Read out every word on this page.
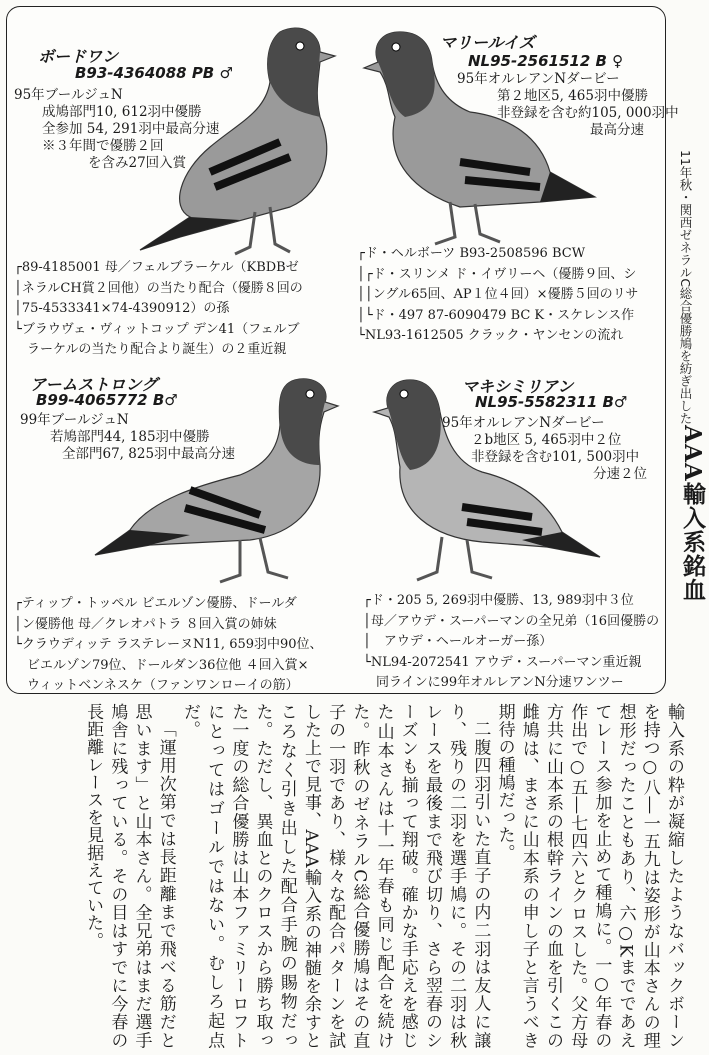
ボードワン
B93-4364088 PB ♂
95年ブールジュN
成鳩部門10, 612羽中優勝
全参加 54, 291羽中最高分速
※３年間で優勝２回
を含み27回入賞
┌89-4185001 母／フェルブラーケル（KBDBゼ
│ネラルCH賞２回他）の当たり配合（優勝８回の
│75-4533341×74-4390912）の孫
└ブラウヴェ・ヴィットコップ デン41（フェルブ
　ラーケルの当たり配合より誕生）の２重近親
マリールイズ
NL95-2561512 B ♀
95年オルレアンNダービー
第２地区5, 465羽中優勝
非登録を含む約105, 000羽中
最高分速
┌ド・ヘルボーツ B93-2508596 BCW
│┌ド・スリンメ ド・イヴリーヘ（優勝９回、シ
││ングル65回、AP１位４回）×優勝５回のリサ
│└ド・497 87-6090479 BC K・スケレンス作
└NL93-1612505 クラック・ヤンセンの流れ
アームストロング
B99-4065772 B♂
99年ブールジュN
若鳩部門44, 185羽中優勝
全部門67, 825羽中最高分速
┌ティップ・トッペル ビエルゾン優勝、ドールダ
│ン優勝他 母／クレオパトラ ８回入賞の姉妹
└クラウディッテ ラステレーヌN11, 659羽中90位、
　ビエルゾン79位、ドールダン36位他 ４回入賞×
　ウィットベンネスケ（ファンワンローイの筋）
マキシミリアン
NL95-5582311 B♂
95年オルレアンNダービー
２b地区 5, 465羽中２位
非登録を含む101, 500羽中
分速２位
┌ド・205 5, 269羽中優勝、13, 989羽中３位
│母／アウデ・スーパーマンの全兄弟（16回優勝の
│　アウデ・ヘールオーガー孫）
└NL94-2072541 アウデ・スーパーマン重近親
　同ラインに99年オルレアンN分速ワンツー
11年秋・関西ゼネラルC総合優勝鳩を紡ぎ出した
AAA輸入系銘血

輸入系の粋が凝縮したようなバックボーンを持つ○八―一五九は姿形が山本さんの理想形だったこともあり、六○Kまでであえてレース参加を止めて種鳩に。一○年春の作出で○五―七四六とクロスした。父方母方共に山本系の根幹ラインの血を引くこの雌鳩は、まさに山本系の申し子と言うべき期待の種鳩だった。

二腹四羽引いた直子の内二羽は友人に譲り、残りの二羽を選手鳩に。その二羽は秋レースを最後まで飛び切り、さら翌春のシーズンも揃って翔破。確かな手応えを感じた山本さんは十一年春も同じ配合を続けた。昨秋のゼネラルC総合優勝鳩はその直子の一羽であり、様々な配合パターンを試した上で見事、AAA輸入系の神髄を余すところなく引き出した配合手腕の賜物だった。ただし、異血とのクロスから勝ち取った一度の総合優勝は山本ファミリーロフトにとってはゴールではない。むしろ起点だ。

「運用次第では長距離まで飛べる筋だと思います」と山本さん。全兄弟はまだ選手鳩舎に残っている。その目はすでに今春の長距離レースを見据えていた。
